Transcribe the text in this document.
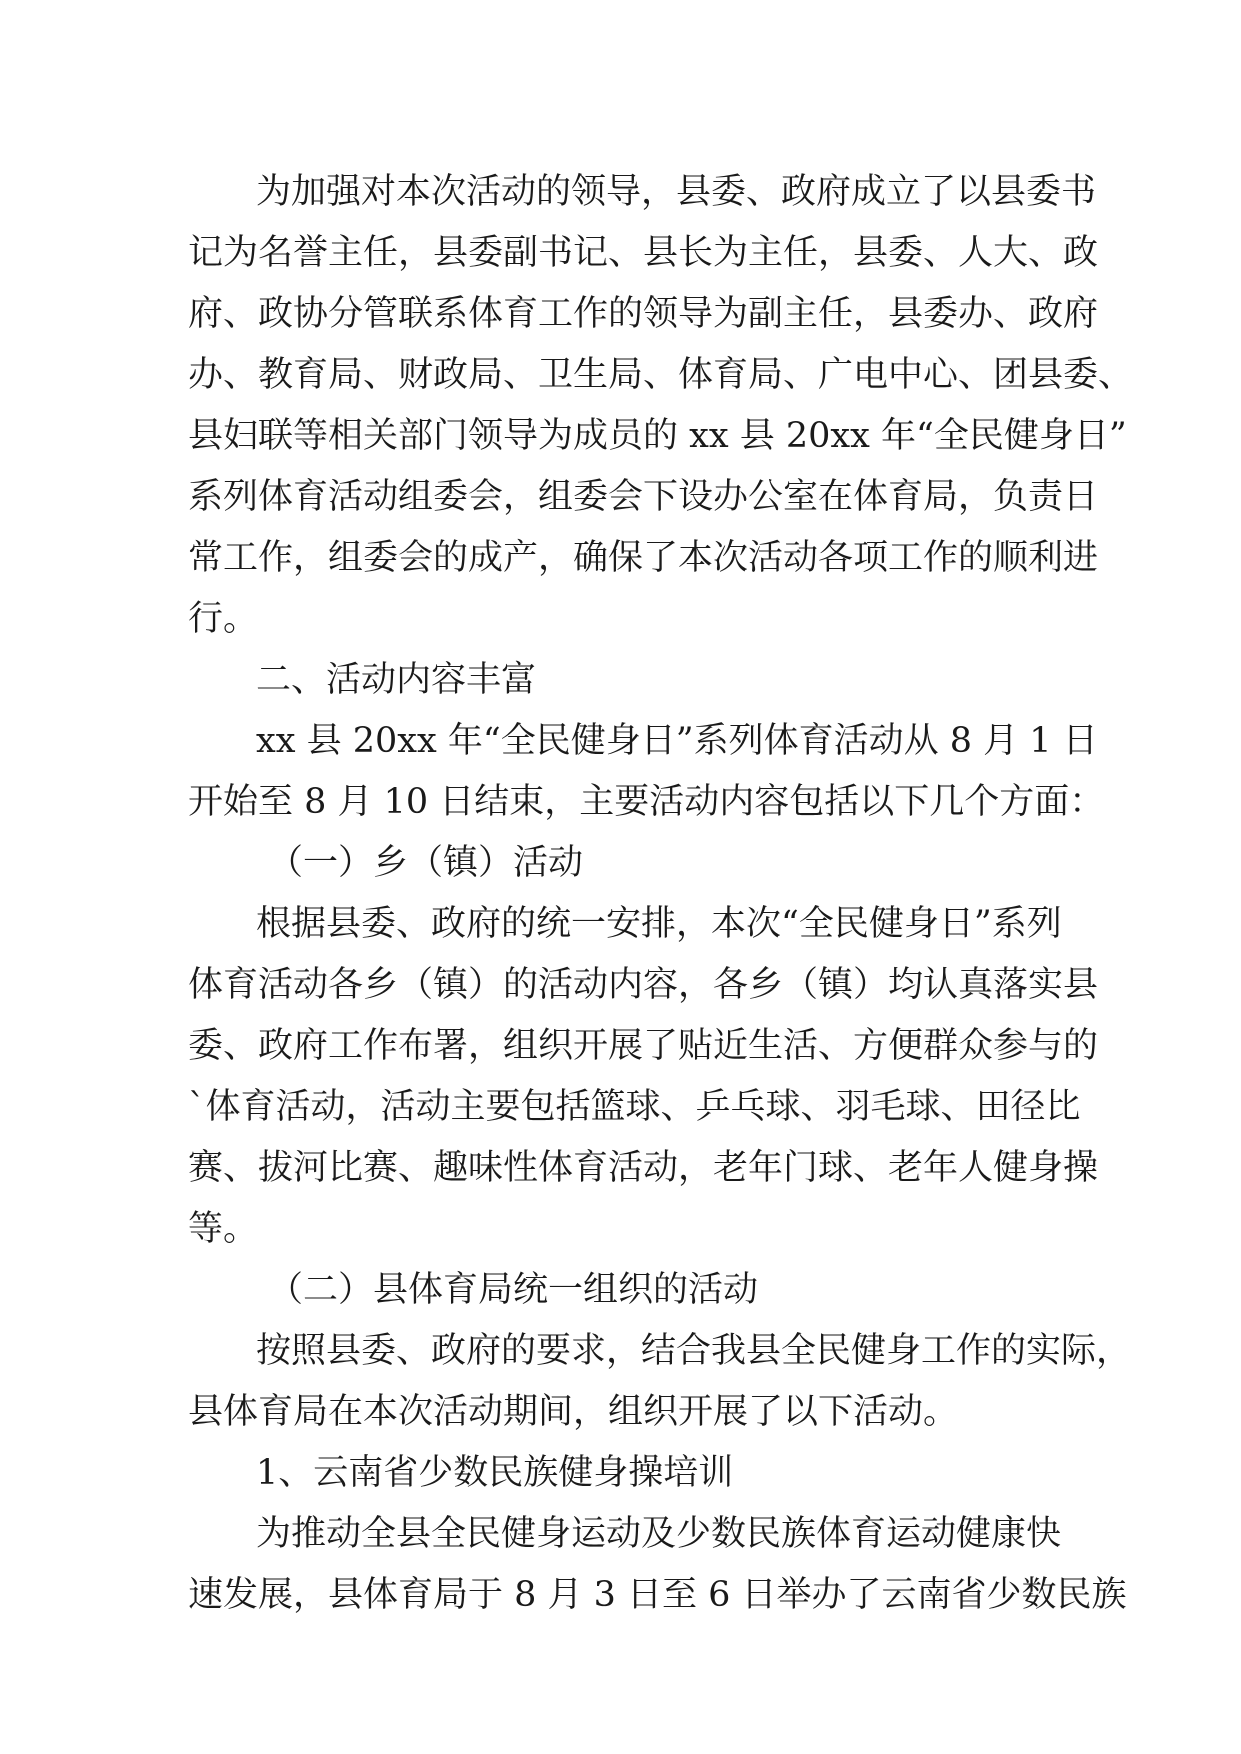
为加强对本次活动的领导，县委、政府成立了以县委书
记为名誉主任，县委副书记、县长为主任，县委、人大、政
府、政协分管联系体育工作的领导为副主任，县委办、政府
办、教育局、财政局、卫生局、体育局、广电中心、团县委、
县妇联等相关部门领导为成员的 xx 县 20xx 年“全民健身日”
系列体育活动组委会，组委会下设办公室在体育局，负责日
常工作，组委会的成产，确保了本次活动各项工作的顺利进
行。
二、活动内容丰富
xx 县 20xx 年“全民健身日”系列体育活动从 8 月 1 日
开始至 8 月 10 日结束，主要活动内容包括以下几个方面：
（一）乡（镇）活动
根据县委、政府的统一安排，本次“全民健身日”系列
体育活动各乡（镇）的活动内容，各乡（镇）均认真落实县
委、政府工作布署，组织开展了贴近生活、方便群众参与的
`体育活动，活动主要包括篮球、乒乓球、羽毛球、田径比
赛、拔河比赛、趣味性体育活动，老年门球、老年人健身操
等。
（二）县体育局统一组织的活动
按照县委、政府的要求，结合我县全民健身工作的实际，
县体育局在本次活动期间，组织开展了以下活动。
1、云南省少数民族健身操培训
为推动全县全民健身运动及少数民族体育运动健康快
速发展，县体育局于 8 月 3 日至 6 日举办了云南省少数民族
